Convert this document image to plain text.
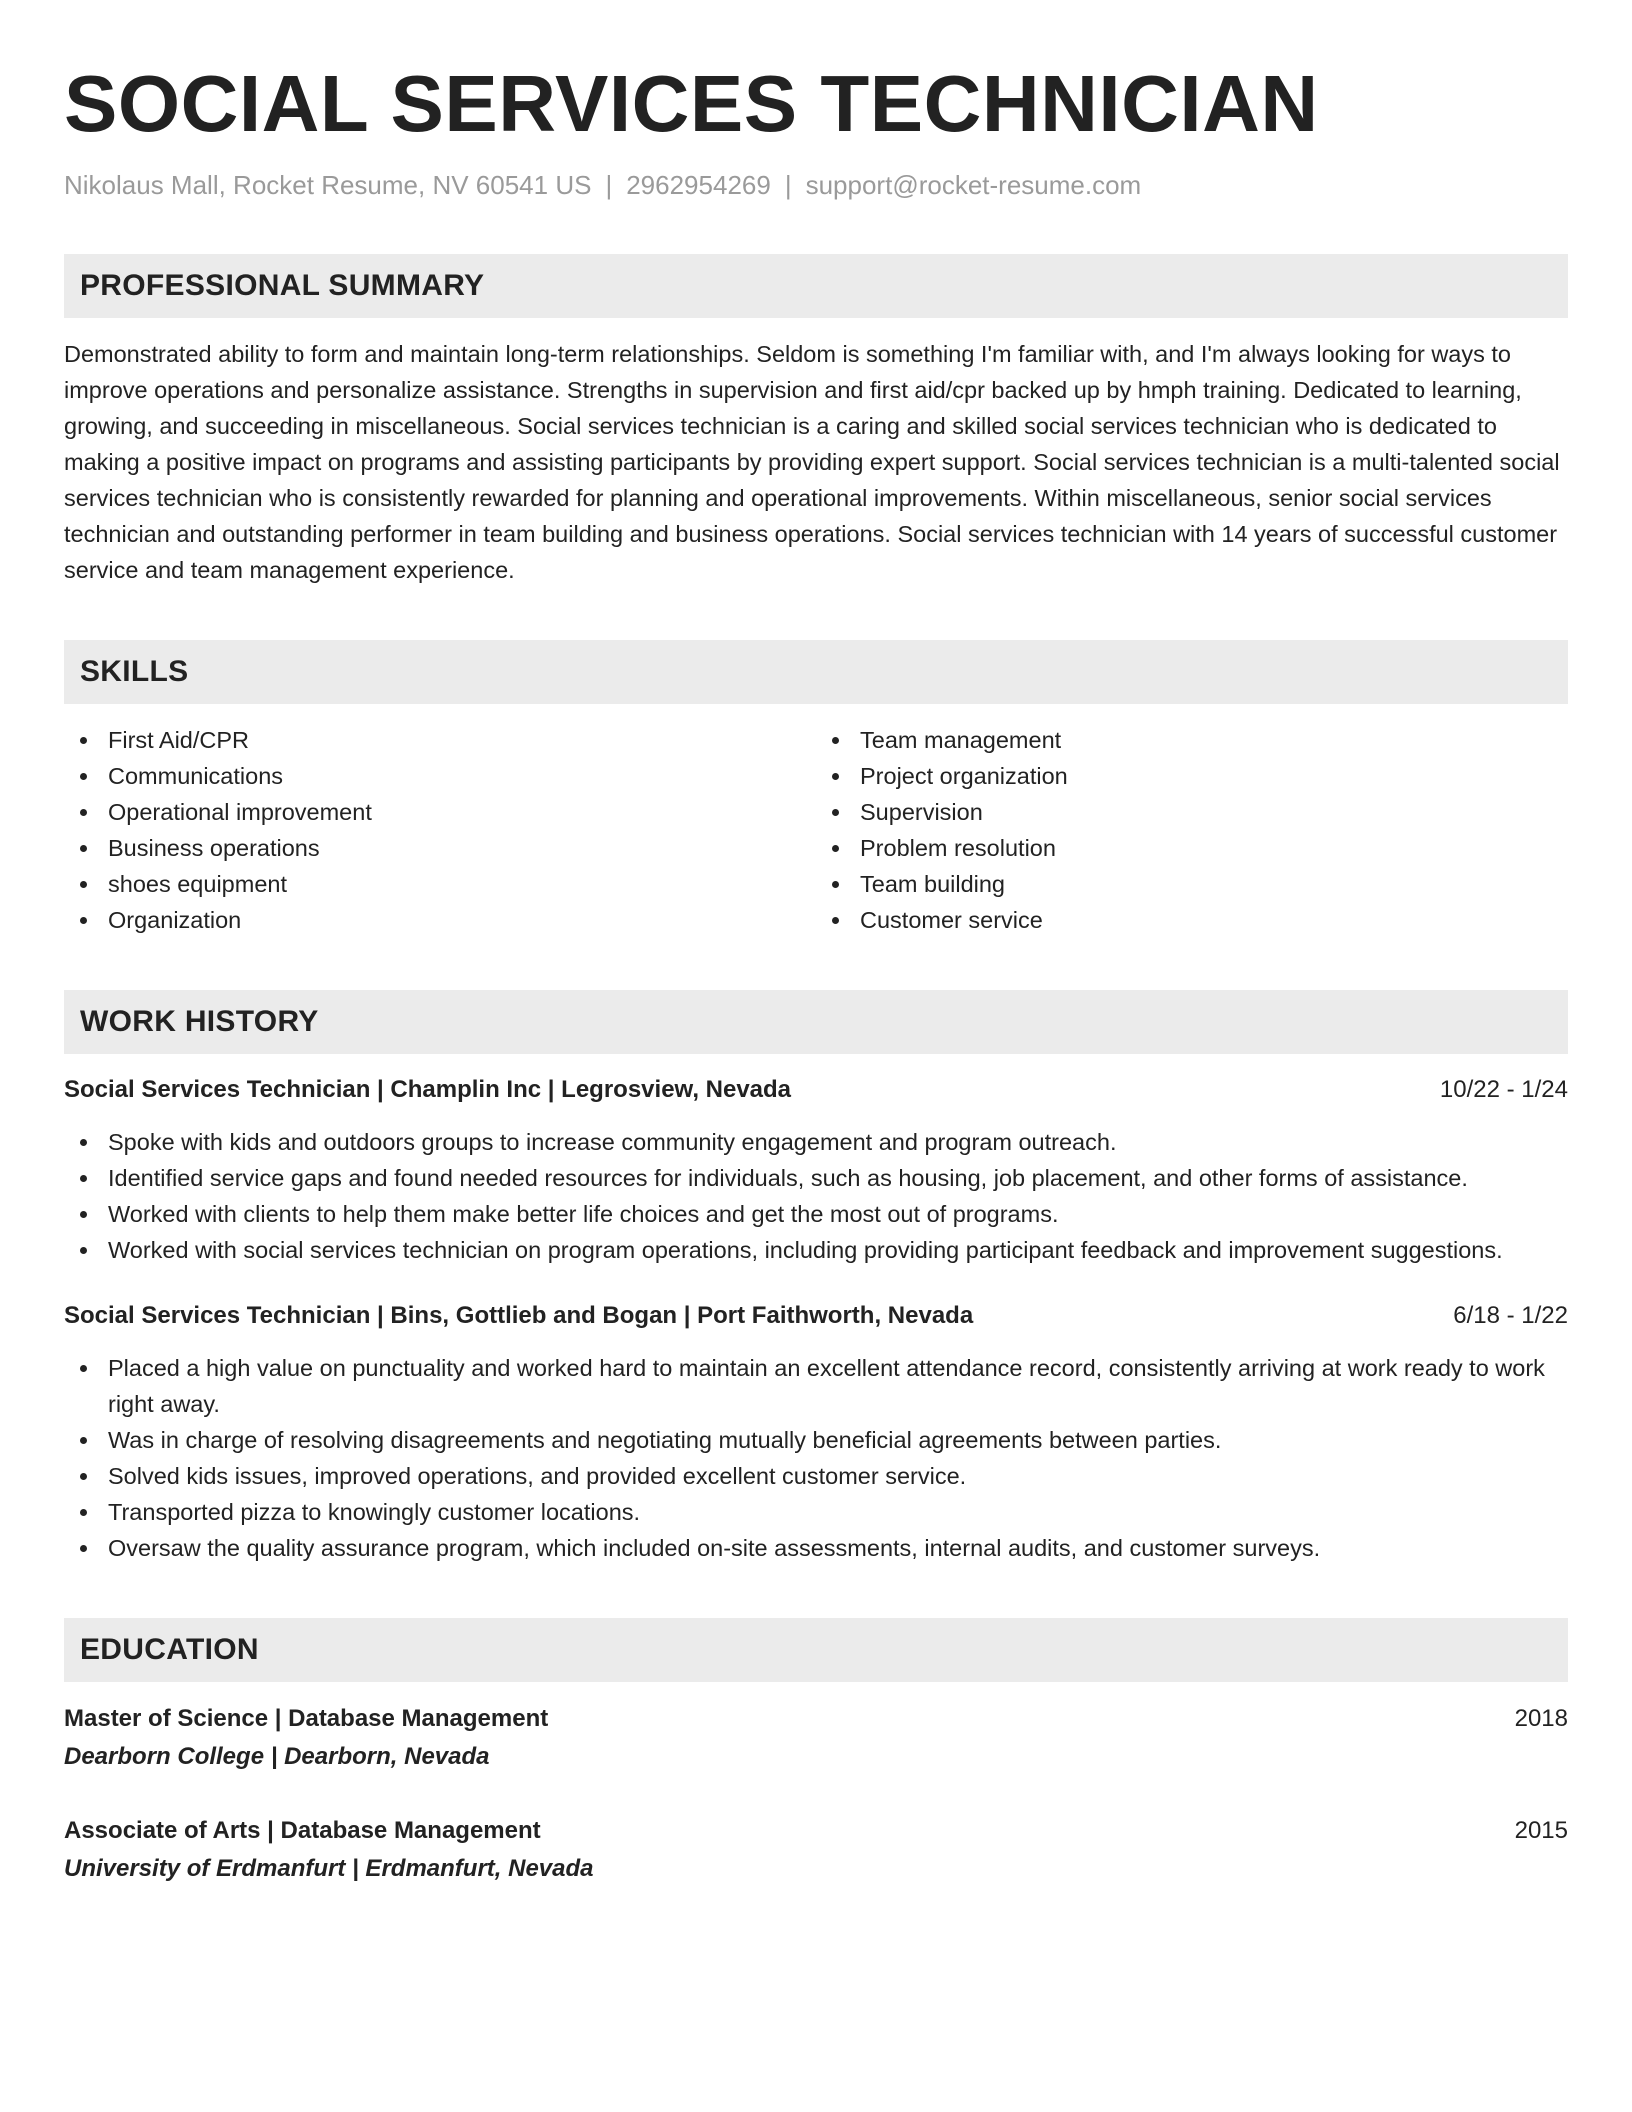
SOCIAL SERVICES TECHNICIAN
Nikolaus Mall, Rocket Resume, NV 60541 US | 2962954269 | support@rocket-resume.com
PROFESSIONAL SUMMARY

Demonstrated ability to form and maintain long-term relationships. Seldom is something I'm familiar with, and I'm always looking for ways to improve operations and personalize assistance. Strengths in supervision and first aid/cpr backed up by hmph training. Dedicated to learning, growing, and succeeding in miscellaneous. Social services technician is a caring and skilled social services technician who is dedicated to making a positive impact on programs and assisting participants by providing expert support. Social services technician is a multi-talented social services technician who is consistently rewarded for planning and operational improvements. Within miscellaneous, senior social services technician and outstanding performer in team building and business operations. Social services technician with 14 years of successful customer service and team management experience.

SKILLS
First Aid/CPR
Communications
Operational improvement
Business operations
shoes equipment
Organization
Team management
Project organization
Supervision
Problem resolution
Team building
Customer service
WORK HISTORY
Social Services Technician | Champlin Inc | Legrosview, Nevada	10/22 - 1/24
Spoke with kids and outdoors groups to increase community engagement and program outreach.
Identified service gaps and found needed resources for individuals, such as housing, job placement, and other forms of assistance.
Worked with clients to help them make better life choices and get the most out of programs.
Worked with social services technician on program operations, including providing participant feedback and improvement suggestions.
Social Services Technician | Bins, Gottlieb and Bogan | Port Faithworth, Nevada	6/18 - 1/22
Placed a high value on punctuality and worked hard to maintain an excellent attendance record, consistently arriving at work ready to work right away.
Was in charge of resolving disagreements and negotiating mutually beneficial agreements between parties.
Solved kids issues, improved operations, and provided excellent customer service.
Transported pizza to knowingly customer locations.
Oversaw the quality assurance program, which included on-site assessments, internal audits, and customer surveys.
EDUCATION
Master of Science | Database Management	2018
Dearborn College | Dearborn, Nevada
Associate of Arts | Database Management	2015
University of Erdmanfurt | Erdmanfurt, Nevada
